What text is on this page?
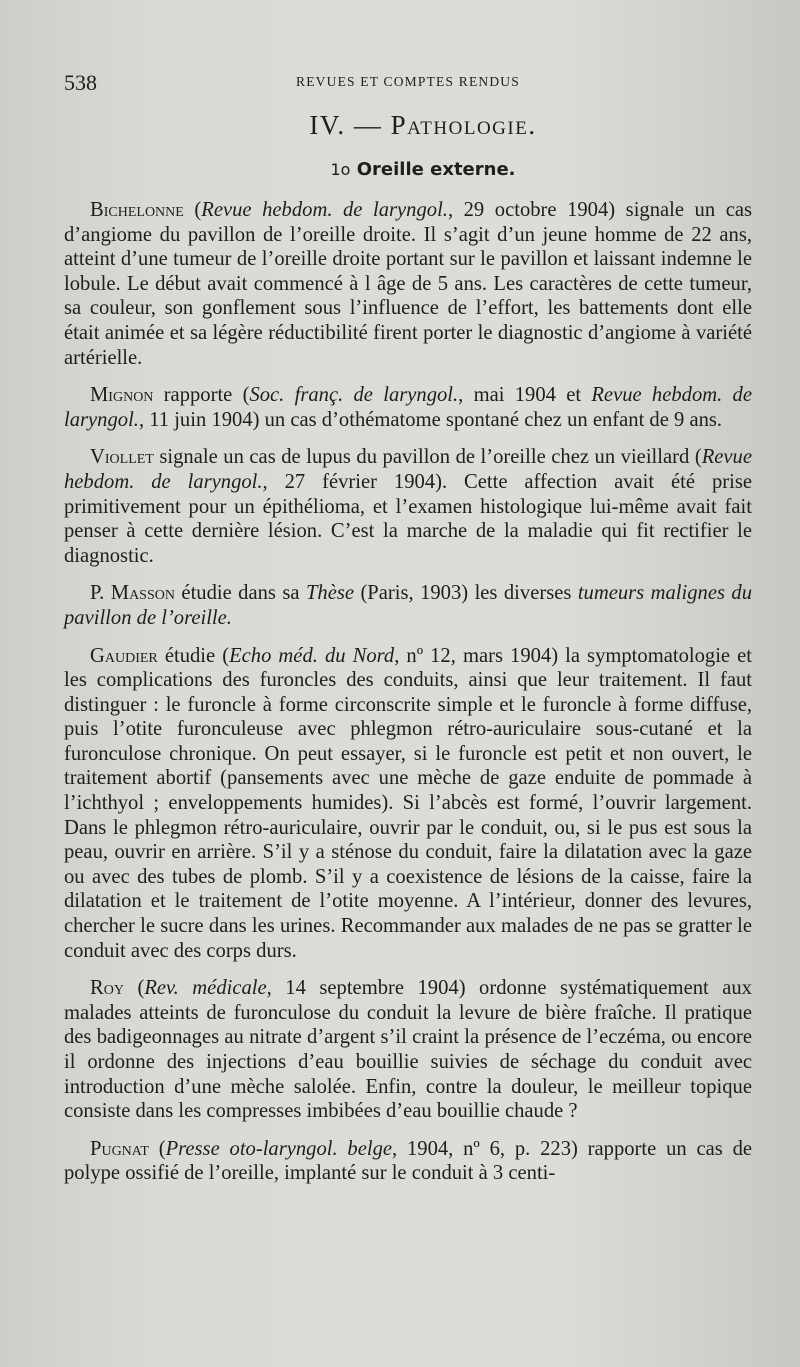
538	REVUES ET COMPTES RENDUS
IV. — Pathologie.
1o Oreille externe.

Bichelonne (Revue hebdom. de laryngol., 29 octobre 1904) signale un cas d’angiome du pavillon de l’oreille droite. Il s’agit d’un jeune homme de 22 ans, atteint d’une tumeur de l’oreille droite portant sur le pavillon et laissant indemne le lobule. Le début avait commencé à l âge de 5 ans. Les caractères de cette tumeur, sa couleur, son gonflement sous l’influence de l’effort, les battements dont elle était animée et sa légère réductibilité firent porter le diagnostic d’angiome à variété artérielle.

Mignon rapporte (Soc. franç. de laryngol., mai 1904 et Revue hebdom. de laryngol., 11 juin 1904) un cas d’othématome spontané chez un enfant de 9 ans.

Viollet signale un cas de lupus du pavillon de l’oreille chez un vieillard (Revue hebdom. de laryngol., 27 février 1904). Cette affection avait été prise primitivement pour un épithélioma, et l’examen histologique lui-même avait fait penser à cette dernière lésion. C’est la marche de la maladie qui fit rectifier le diagnostic.

P. Masson étudie dans sa Thèse (Paris, 1903) les diverses tumeurs malignes du pavillon de l’oreille.

Gaudier étudie (Echo méd. du Nord, nº 12, mars 1904) la symptomatologie et les complications des furoncles des conduits, ainsi que leur traitement. Il faut distinguer : le furoncle à forme circonscrite simple et le furoncle à forme diffuse, puis l’otite furonculeuse avec phlegmon rétro-auriculaire sous-cutané et la furonculose chronique. On peut essayer, si le furoncle est petit et non ouvert, le traitement abortif (pansements avec une mèche de gaze enduite de pommade à l’ichthyol ; enveloppements humides). Si l’abcès est formé, l’ouvrir largement. Dans le phlegmon rétro-auriculaire, ouvrir par le conduit, ou, si le pus est sous la peau, ouvrir en arrière. S’il y a sténose du conduit, faire la dilatation avec la gaze ou avec des tubes de plomb. S’il y a coexistence de lésions de la caisse, faire la dilatation et le traitement de l’otite moyenne. A l’intérieur, donner des levures, chercher le sucre dans les urines. Recommander aux malades de ne pas se gratter le conduit avec des corps durs.

Roy (Rev. médicale, 14 septembre 1904) ordonne systématiquement aux malades atteints de furonculose du conduit la levure de bière fraîche. Il pratique des badigeonnages au nitrate d’argent s’il craint la présence de l’eczéma, ou encore il ordonne des injections d’eau bouillie suivies de séchage du conduit avec introduction d’une mèche salolée. Enfin, contre la douleur, le meilleur topique consiste dans les compresses imbibées d’eau bouillie chaude ?

Pugnat (Presse oto-laryngol. belge, 1904, nº 6, p. 223) rapporte un cas de polype ossifié de l’oreille, implanté sur le conduit à 3 centi-
